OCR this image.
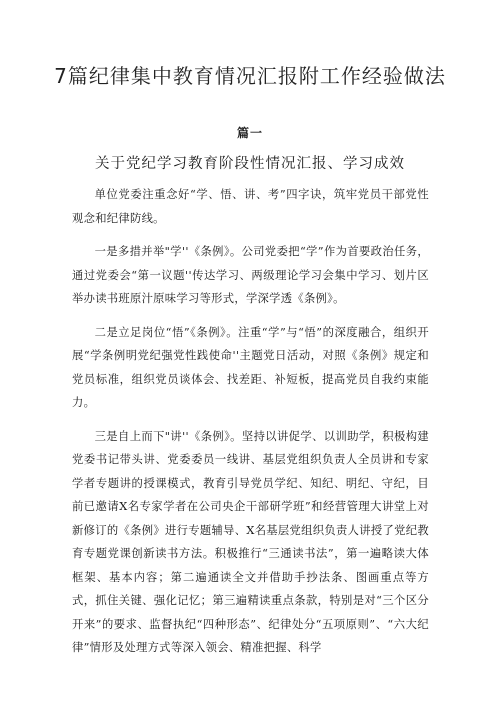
7篇纪律集中教育情况汇报附工作经验做法
篇一
关于党纪学习教育阶段性情况汇报、学习成效

单位党委注重念好“学、悟、讲、考”四字诀，筑牢党员干部党性观念和纪律防线。

一是多措并举"学''《条例》。公司党委把“学”作为首要政治任务，通过党委会“第一议题''传达学习、两级理论学习会集中学习、划片区举办读书班原汁原味学习等形式，学深学透《条例》。

二是立足岗位“悟”《条例》。注重“学”与“悟”的深度融合，组织开展“学条例明党纪强党性践使命''主题党日活动，对照《条例》规定和党员标准，组织党员谈体会、找差距、补短板，提高党员自我约束能力。

三是自上而下"讲''《条例》。坚持以讲促学、以训助学，积极构建党委书记带头讲、党委委员一线讲、基层党组织负责人全员讲和专家学者专题讲的授课模式，教育引导党员学纪、知纪、明纪、守纪，目前已邀请X名专家学者在公司央企干部研学班”和经营管理大讲堂上对新修订的《条例》进行专题辅导、X名基层党组织负责人讲授了党纪教育专题党课创新读书方法。积极推行“三通读书法”，第一遍略读大体框架、基本内容；第二遍通读全文并借助手抄法条、图画重点等方式，抓住关键、强化记忆；第三遍精读重点条款，特别是对“三个区分开来”的要求、监督执纪“四种形态”、纪律处分“五项原则”、“六大纪律”情形及处理方式等深入领会、精准把握、科学
